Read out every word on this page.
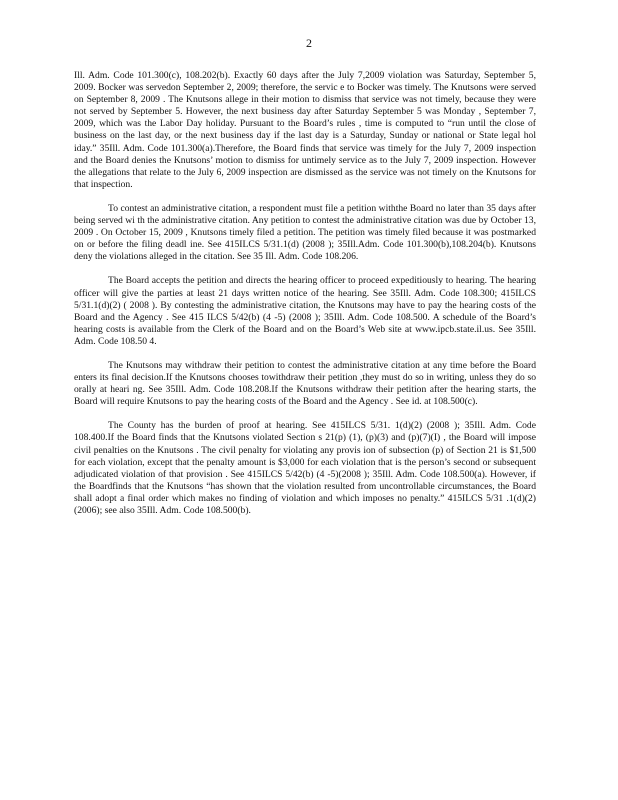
2

Ill. Adm. Code 101.300(c), 108.202(b). Exactly 60 days after the July 7,2009 violation was Saturday, September 5, 2009. Bocker was servedon September 2, 2009; therefore, the servic e to Bocker was timely. The Knutsons were served on September 8, 2009 . The Knutsons allege in their motion to dismiss that service was not timely, because they were not served by September 5. However, the next business day after Saturday September 5 was Monday , September 7, 2009, which was the Labor Day holiday. Pursuant to the Board’s rules , time is computed to “run until the close of business on the last day, or the next business day if the last day is a Saturday, Sunday or national or State legal hol iday.” 35Ill. Adm. Code 101.300(a).Therefore, the Board finds that service was timely for the July 7, 2009 inspection and the Board denies the Knutsons’ motion to dismiss for untimely service as to the July 7, 2009 inspection. However the allegations that relate to the July 6, 2009 inspection are dismissed as the service was not timely on the Knutsons for that inspection.

To contest an administrative citation, a respondent must file a petition withthe Board no later than 35 days after being served wi th the administrative citation. Any petition to contest the administrative citation was due by October 13, 2009 . On October 15, 2009 , Knutsons timely filed a petition. The petition was timely filed because it was postmarked on or before the filing deadl ine. See 415ILCS 5/31.1(d) (2008 ); 35Ill.Adm. Code 101.300(b),108.204(b). Knutsons deny the violations alleged in the citation. See 35 Ill. Adm. Code 108.206.

The Board accepts the petition and directs the hearing officer to proceed expeditiously to hearing. The hearing officer will give the parties at least 21 days written notice of the hearing. See 35Ill. Adm. Code 108.300; 415ILCS 5/31.1(d)(2) ( 2008 ). By contesting the administrative citation, the Knutsons may have to pay the hearing costs of the Board and the Agency . See 415 ILCS 5/42(b) (4 -5) (2008 ); 35Ill. Adm. Code 108.500. A schedule of the Board’s hearing costs is available from the Clerk of the Board and on the Board’s Web site at www.ipcb.state.il.us. See 35Ill. Adm. Code 108.50 4.

The Knutsons may withdraw their petition to contest the administrative citation at any time before the Board enters its final decision.If the Knutsons chooses towithdraw their petition ,they must do so in writing, unless they do so orally at heari ng. See 35Ill. Adm. Code 108.208.If the Knutsons withdraw their petition after the hearing starts, the Board will require Knutsons to pay the hearing costs of the Board and the Agency . See id. at 108.500(c).

The County has the burden of proof at hearing. See 415ILCS 5/31. 1(d)(2) (2008 ); 35Ill. Adm. Code 108.400.If the Board finds that the Knutsons violated Section s 21(p) (1), (p)(3) and (p)(7)(I) , the Board will impose civil penalties on the Knutsons . The civil penalty for violating any provis ion of subsection (p) of Section 21 is $1,500 for each violation, except that the penalty amount is $3,000 for each violation that is the person’s second or subsequent adjudicated violation of that provision . See 415ILCS 5/42(b) (4 -5)(2008 ); 35Ill. Adm. Code 108.500(a). However, if the Boardfinds that the Knutsons “has shown that the violation resulted from uncontrollable circumstances, the Board shall adopt a final order which makes no finding of violation and which imposes no penalty.” 415ILCS 5/31 .1(d)(2) (2006); see also 35Ill. Adm. Code 108.500(b).
